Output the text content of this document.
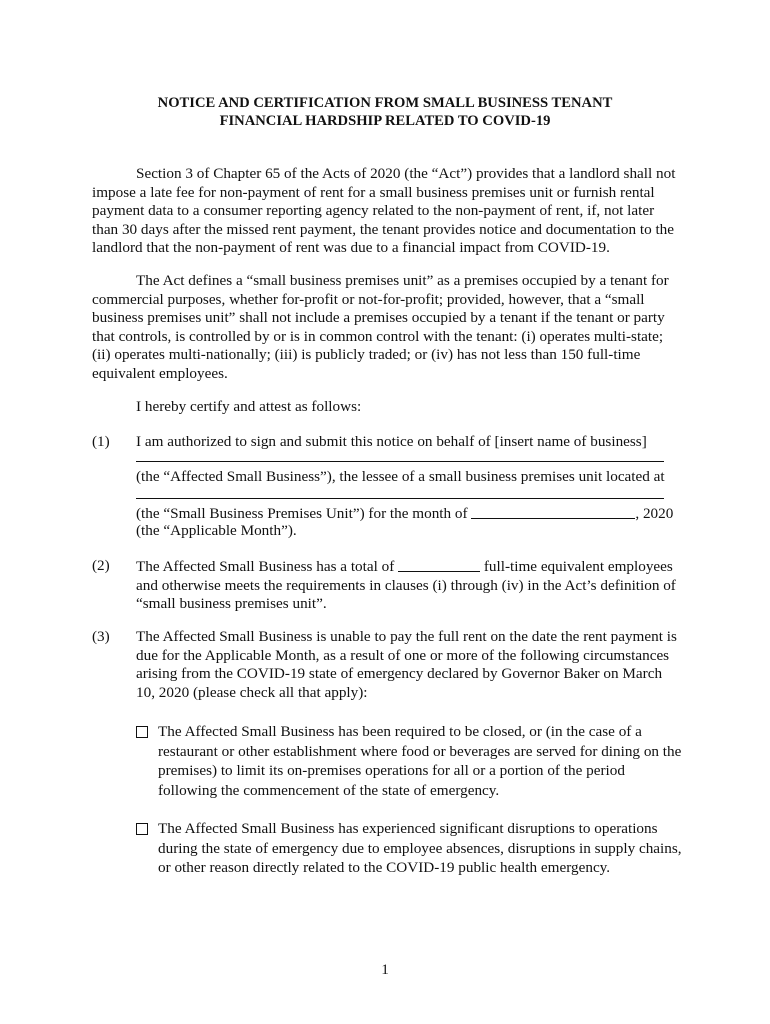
NOTICE AND CERTIFICATION FROM SMALL BUSINESS TENANT
FINANCIAL HARDSHIP RELATED TO COVID-19
Section 3 of Chapter 65 of the Acts of 2020 (the “Act”) provides that a landlord shall not impose a late fee for non-payment of rent for a small business premises unit or furnish rental payment data to a consumer reporting agency related to the non-payment of rent, if, not later than 30 days after the missed rent payment, the tenant provides notice and documentation to the landlord that the non-payment of rent was due to a financial impact from COVID-19.
The Act defines a “small business premises unit” as a premises occupied by a tenant for commercial purposes, whether for-profit or not-for-profit; provided, however, that a “small business premises unit” shall not include a premises occupied by a tenant if the tenant or party that controls, is controlled by or is in common control with the tenant: (i) operates multi-state; (ii) operates multi-nationally; (iii) is publicly traded; or (iv) has not less than 150 full-time equivalent employees.
I hereby certify and attest as follows:
(1) I am authorized to sign and submit this notice on behalf of [insert name of business]
(the “Affected Small Business”), the lessee of a small business premises unit located at
(the “Small Business Premises Unit”) for the month of	, 2020
(the “Applicable Month”).
(2) The Affected Small Business has a total of	full-time equivalent employees and otherwise meets the requirements in clauses (i) through (iv) in the Act’s definition of “small business premises unit”.
(3) The Affected Small Business is unable to pay the full rent on the date the rent payment is due for the Applicable Month, as a result of one or more of the following circumstances arising from the COVID-19 state of emergency declared by Governor Baker on March 10, 2020 (please check all that apply):
The Affected Small Business has been required to be closed, or (in the case of a restaurant or other establishment where food or beverages are served for dining on the premises) to limit its on-premises operations for all or a portion of the period following the commencement of the state of emergency.
The Affected Small Business has experienced significant disruptions to operations during the state of emergency due to employee absences, disruptions in supply chains, or other reason directly related to the COVID-19 public health emergency.
1
